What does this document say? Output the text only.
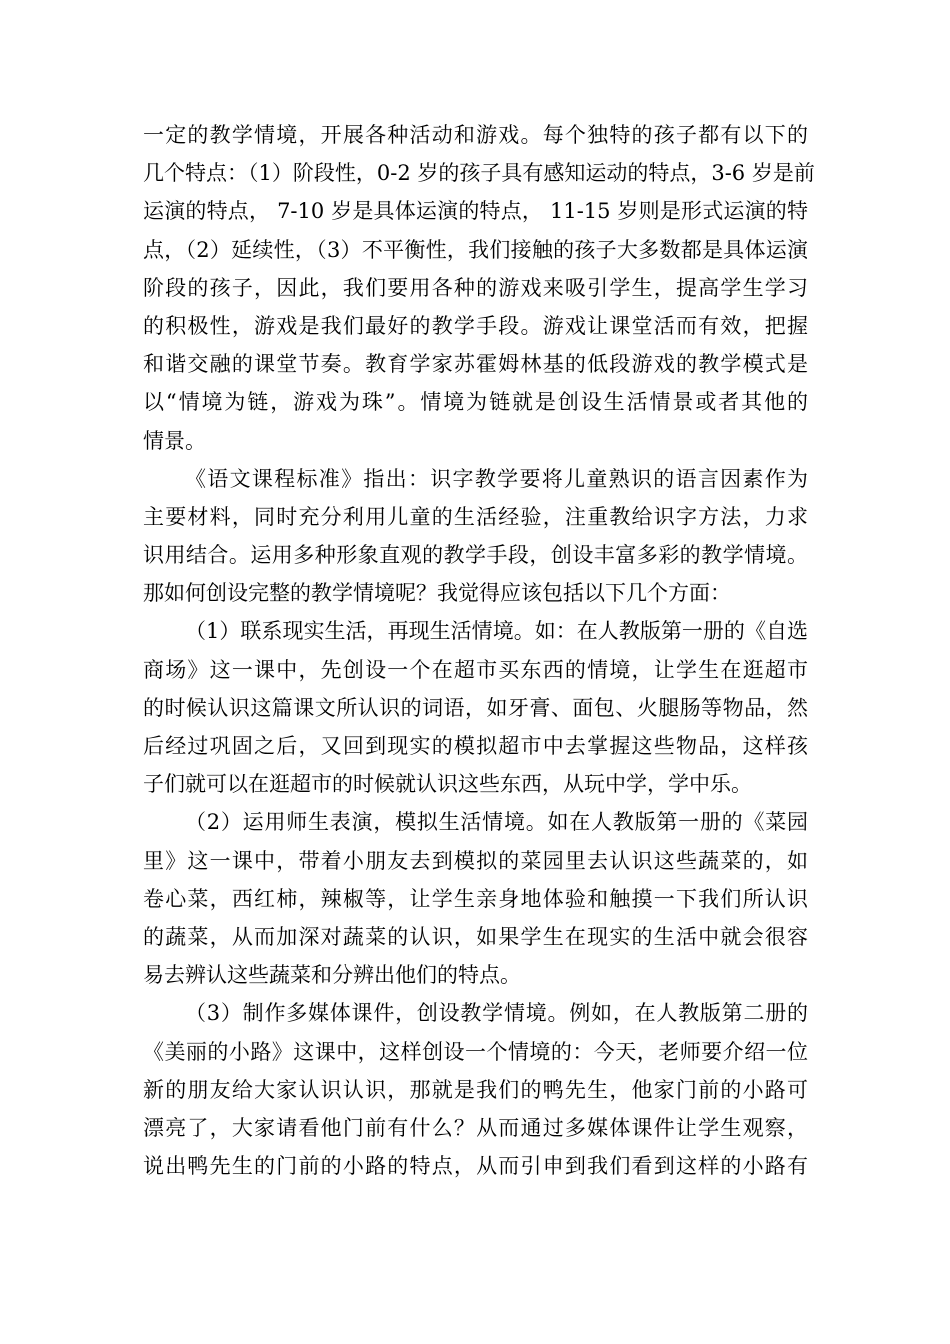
一定的教学情境，开展各种活动和游戏。每个独特的孩子都有以下的
几个特点：（1）阶段性，0-2 岁的孩子具有感知运动的特点，3-6 岁是前
运演的特点， 7-10 岁是具体运演的特点， 11-15 岁则是形式运演的特
点，（2）延续性，（3）不平衡性，我们接触的孩子大多数都是具体运演
阶段的孩子，因此，我们要用各种的游戏来吸引学生，提高学生学习
的积极性，游戏是我们最好的教学手段。游戏让课堂活而有效，把握
和谐交融的课堂节奏。教育学家苏霍姆林基的低段游戏的教学模式是
以“情境为链，游戏为珠”。情境为链就是创设生活情景或者其他的
情景。
《语文课程标准》指出：识字教学要将儿童熟识的语言因素作为
主要材料，同时充分利用儿童的生活经验，注重教给识字方法，力求
识用结合。运用多种形象直观的教学手段，创设丰富多彩的教学情境。
那如何创设完整的教学情境呢？我觉得应该包括以下几个方面：
（1）联系现实生活，再现生活情境。如：在人教版第一册的《自选
商场》这一课中，先创设一个在超市买东西的情境，让学生在逛超市
的时候认识这篇课文所认识的词语，如牙膏、面包、火腿肠等物品，然
后经过巩固之后，又回到现实的模拟超市中去掌握这些物品，这样孩
子们就可以在逛超市的时候就认识这些东西，从玩中学，学中乐。
（2）运用师生表演，模拟生活情境。如在人教版第一册的《菜园
里》这一课中，带着小朋友去到模拟的菜园里去认识这些蔬菜的，如
卷心菜，西红柿，辣椒等，让学生亲身地体验和触摸一下我们所认识
的蔬菜，从而加深对蔬菜的认识，如果学生在现实的生活中就会很容
易去辨认这些蔬菜和分辨出他们的特点。
（3）制作多媒体课件，创设教学情境。例如，在人教版第二册的
《美丽的小路》这课中，这样创设一个情境的：今天，老师要介绍一位
新的朋友给大家认识认识，那就是我们的鸭先生，他家门前的小路可
漂亮了，大家请看他门前有什么？从而通过多媒体课件让学生观察，
说出鸭先生的门前的小路的特点，从而引申到我们看到这样的小路有
